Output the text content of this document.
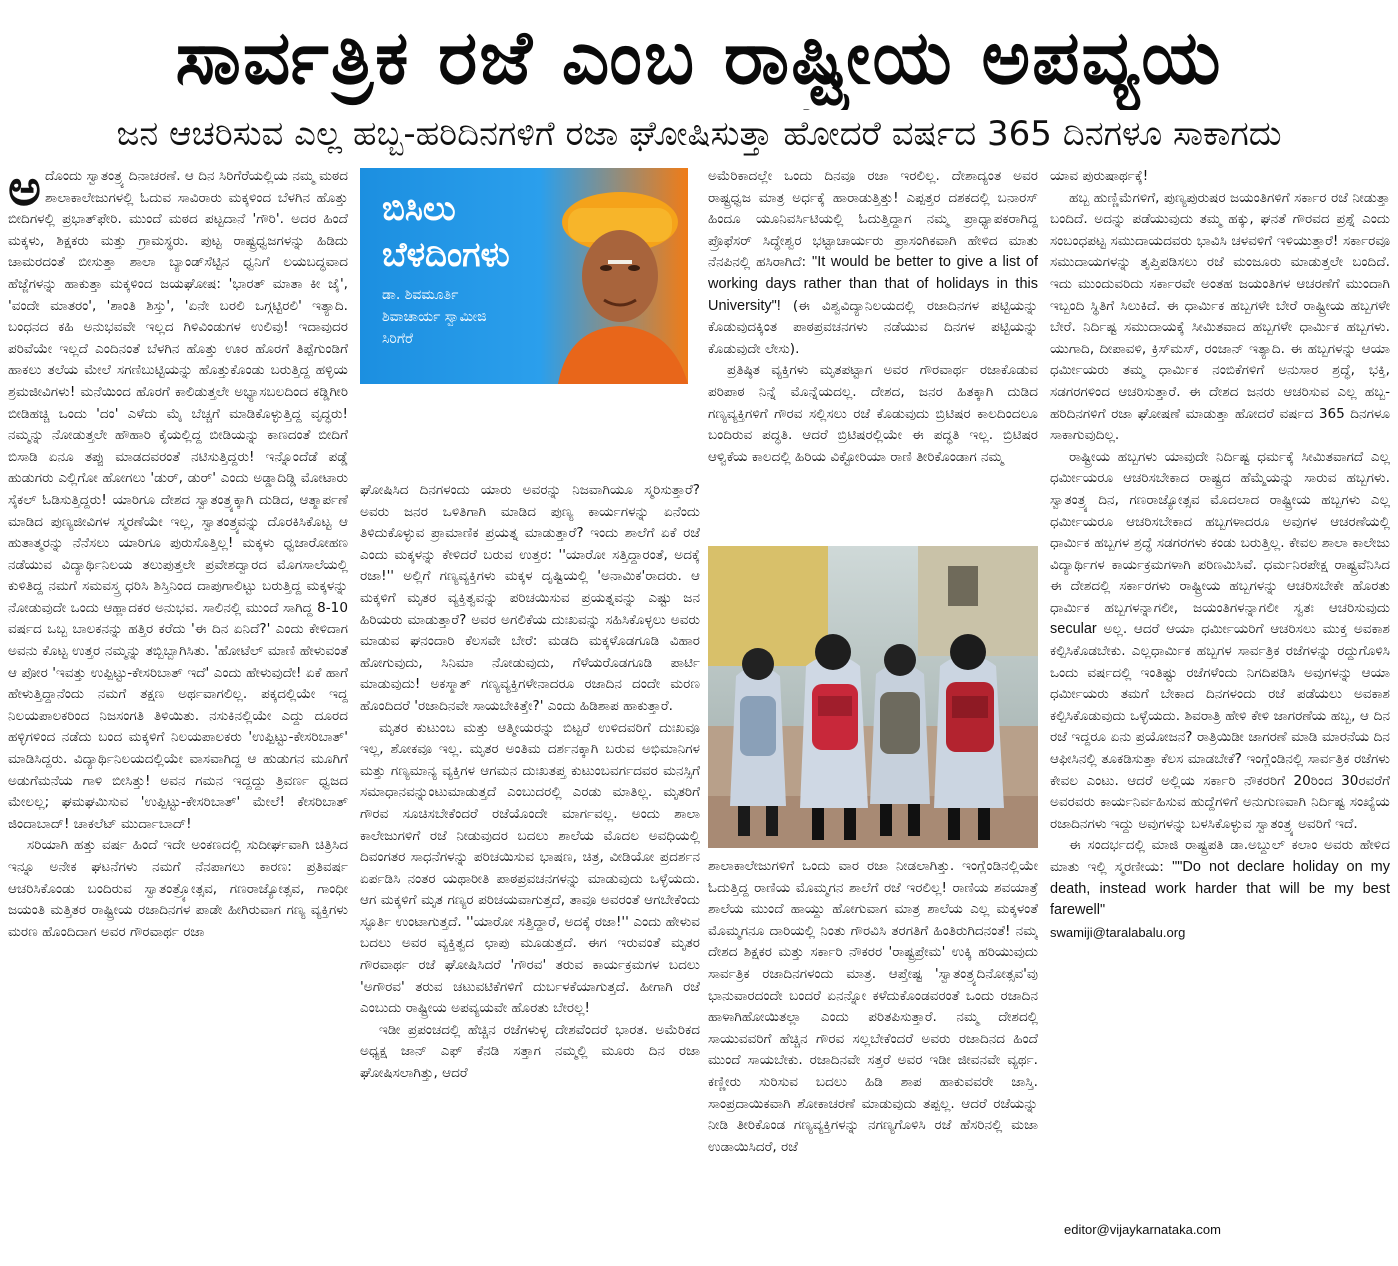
ಸಾರ್ವತ್ರಿಕ ರಜೆ ಎಂಬ ರಾಷ್ಟ್ರೀಯ ಅಪವ್ಯಯ
ಜನ ಆಚರಿಸುವ ಎಲ್ಲ ಹಬ್ಬ-ಹರಿದಿನಗಳಿಗೆ ರಜಾ ಘೋಷಿಸುತ್ತಾ ಹೋದರೆ ವರ್ಷದ 365 ದಿನಗಳೂ ಸಾಕಾಗದು

ಅದೊಂದು ಸ್ವಾತಂತ್ರ್ಯ ದಿನಾಚರಣೆ. ಆ ದಿನ ಸಿರಿಗೆರೆಯಲ್ಲಿಯ ನಮ್ಮ ಮಠದ ಶಾಲಾಕಾಲೇಜುಗಳಲ್ಲಿ ಓದುವ ಸಾವಿರಾರು ಮಕ್ಕಳಿಂದ ಬೆಳಗಿನ ಹೊತ್ತು ಬೀದಿಗಳಲ್ಲಿ ಪ್ರಭಾತ್‌ಫೇರಿ. ಮುಂದೆ ಮಠದ ಪಟ್ಟದಾನೆ 'ಗೌರಿ'. ಅದರ ಹಿಂದೆ ಮಕ್ಕಳು, ಶಿಕ್ಷಕರು ಮತ್ತು ಗ್ರಾಮಸ್ಥರು. ಪುಟ್ಟ ರಾಷ್ಟ್ರಧ್ವಜಗಳನ್ನು ಹಿಡಿದು ಚಾಮರದಂತೆ ಬೀಸುತ್ತಾ ಶಾಲಾ ಬ್ಯಾಂಡ್‌ಸೆಟ್ಟಿನ ಧ್ವನಿಗೆ ಲಯಬದ್ಧವಾದ ಹೆಜ್ಜೆಗಳನ್ನು ಹಾಕುತ್ತಾ ಮಕ್ಕಳಿಂದ ಜಯಘೋಷ: 'ಭಾರತ್ ಮಾತಾ ಕೀ ಜೈ', 'ವಂದೇ ಮಾತರಂ', 'ಶಾಂತಿ ಶಿಸ್ತು', 'ಏನೇ ಬರಲಿ ಒಗ್ಗಟ್ಟಿರಲಿ' ಇತ್ಯಾದಿ. ಬಂಧನದ ಕಹಿ ಅನುಭವವೇ ಇಲ್ಲದ ಗಿಳಿವಿಂಡುಗಳ ಉಲಿವು! ಇದಾವುದರ ಪರಿವೆಯೇ ಇಲ್ಲದೆ ಎಂದಿನಂತೆ ಬೆಳಗಿನ ಹೊತ್ತು ಊರ ಹೊರಗೆ ತಿಪ್ಪೆಗುಂಡಿಗೆ ಹಾಕಲು ತಲೆಯ ಮೇಲೆ ಸಗಣಿಬುಟ್ಟಿಯನ್ನು ಹೊತ್ತುಕೊಂಡು ಬರುತ್ತಿದ್ದ ಹಳ್ಳಿಯ ಶ್ರಮಜೀವಿಗಳು! ಮನೆಯಿಂದ ಹೊರಗೆ ಕಾಲಿಡುತ್ತಲೇ ಅಭ್ಯಾಸಬಲದಿಂದ ಕಡ್ಡಿಗೀರಿ ಬೀಡಿಹಚ್ಚಿ ಒಂದು 'ದಂ' ಎಳೆದು ಮೈ ಬೆಚ್ಚಗೆ ಮಾಡಿಕೊಳ್ಳುತ್ತಿದ್ದ ವೃದ್ಧರು! ನಮ್ಮನ್ನು ನೋಡುತ್ತಲೇ ಹೌಹಾರಿ ಕೈಯಲ್ಲಿದ್ದ ಬೀಡಿಯನ್ನು ಕಾಣದಂತೆ ಬೀದಿಗೆ ಬಿಸಾಡಿ ಏನೂ ತಪ್ಪು ಮಾಡದವರಂತೆ ನಟಿಸುತ್ತಿದ್ದರು! ಇನ್ನೊಂದೆಡೆ ಪಡ್ಡೆ ಹುಡುಗರು ಎಲ್ಲಿಗೋ ಹೋಗಲು 'ಡುರ್, ಡುರ್' ಎಂದು ಅಡ್ಡಾದಿಡ್ಡಿ ಮೋಟಾರು ಸೈಕಲ್ ಓಡಿಸುತ್ತಿದ್ದರು! ಯಾರಿಗೂ ದೇಶದ ಸ್ವಾತಂತ್ರ್ಯಕ್ಕಾಗಿ ದುಡಿದ, ಆತ್ಮಾರ್ಪಣೆ ಮಾಡಿದ ಪುಣ್ಯಜೀವಿಗಳ ಸ್ಮರಣೆಯೇ ಇಲ್ಲ, ಸ್ವಾತಂತ್ರ್ಯವನ್ನು ದೊರಕಿಸಿಕೊಟ್ಟ ಆ ಹುತಾತ್ಮರನ್ನು ನೆನೆಸಲು ಯಾರಿಗೂ ಪುರುಸೊತ್ತಿಲ್ಲ! ಮಕ್ಕಳು ಧ್ವಜಾರೋಹಣ ನಡೆಯುವ ವಿದ್ಯಾರ್ಥಿನಿಲಯ ತಲುಪುತ್ತಲೇ ಪ್ರವೇಶದ್ವಾರದ ಮೊಗಸಾಲೆಯಲ್ಲಿ ಕುಳಿತಿದ್ದ ನಮಗೆ ಸಮವಸ್ತ್ರ ಧರಿಸಿ ಶಿಸ್ತಿನಿಂದ ದಾಪುಗಾಲಿಟ್ಟು ಬರುತ್ತಿದ್ದ ಮಕ್ಕಳನ್ನು ನೋಡುವುದೇ ಒಂದು ಆಹ್ಲಾದಕರ ಅನುಭವ. ಸಾಲಿನಲ್ಲಿ ಮುಂದೆ ಸಾಗಿದ್ದ 8-10 ವರ್ಷದ ಒಬ್ಬ ಬಾಲಕನನ್ನು ಹತ್ತಿರ ಕರೆದು 'ಈ ದಿನ ಏನಿದೆ?' ಎಂದು ಕೇಳಿದಾಗ ಅವನು ಕೊಟ್ಟ ಉತ್ತರ ನಮ್ಮನ್ನು ತಬ್ಬಿಬ್ಬಾಗಿಸಿತು. 'ಹೋಟೆಲ್ ಮಾಣಿ ಹೇಳುವಂತೆ ಆ ಪೋರ 'ಇವತ್ತು ಉಪ್ಪಿಟ್ಟು-ಕೇಸರಿಬಾತ್ ಇದೆ' ಎಂದು ಹೇಳುವುದೇ! ಏಕೆ ಹಾಗೆ ಹೇಳುತ್ತಿದ್ದಾನೆಂದು ನಮಗೆ ತಕ್ಷಣ ಅರ್ಥವಾಗಲಿಲ್ಲ. ಪಕ್ಕದಲ್ಲಿಯೇ ಇದ್ದ ನಿಲಯಪಾಲಕರಿಂದ ನಿಜಸಂಗತಿ ತಿಳಿಯಿತು. ನಸುಕಿನಲ್ಲಿಯೇ ಎದ್ದು ದೂರದ ಹಳ್ಳಿಗಳಿಂದ ನಡೆದು ಬಂದ ಮಕ್ಕಳಿಗೆ ನಿಲಯಪಾಲಕರು 'ಉಪ್ಪಿಟ್ಟು-ಕೇಸರಿಬಾತ್' ಮಾಡಿಸಿದ್ದರು. ವಿದ್ಯಾರ್ಥಿನಿಲಯದಲ್ಲಿಯೇ ವಾಸವಾಗಿದ್ದ ಆ ಹುಡುಗನ ಮೂಗಿಗೆ ಅಡುಗೆಮನೆಯ ಗಾಳಿ ಬೀಸಿತ್ತು! ಅವನ ಗಮನ ಇದ್ದದ್ದು ತ್ರಿವರ್ಣ ಧ್ವಜದ ಮೇಲಲ್ಲ; ಘಮಘಮಿಸುವ 'ಉಪ್ಪಿಟ್ಟು-ಕೇಸರಿಬಾತ್' ಮೇಲೆ! ಕೇಸರಿಬಾತ್ ಜಿಂದಾಬಾದ್! ಚಾಕಲೆಟ್ ಮುರ್ದಾಬಾದ್!

ಸರಿಯಾಗಿ ಹತ್ತು ವರ್ಷ ಹಿಂದೆ ಇದೇ ಅಂಕಣದಲ್ಲಿ ಸುದೀರ್ಘವಾಗಿ ಚಿತ್ರಿಸಿದ ಇನ್ನೂ ಅನೇಕ ಘಟನೆಗಳು ನಮಗೆ ನೆನಪಾಗಲು ಕಾರಣ: ಪ್ರತಿವರ್ಷ ಆಚರಿಸಿಕೊಂಡು ಬಂದಿರುವ ಸ್ವಾತಂತ್ರ್ಯೋತ್ಸವ, ಗಣರಾಜ್ಯೋತ್ಸವ, ಗಾಂಧೀ ಜಯಂತಿ ಮತ್ತಿತರ ರಾಷ್ಟ್ರೀಯ ರಜಾದಿನಗಳ ಪಾಡೇ ಹೀಗಿರುವಾಗ ಗಣ್ಯ ವ್ಯಕ್ತಿಗಳು ಮರಣ ಹೊಂದಿದಾಗ ಅವರ ಗೌರವಾರ್ಥ ರಜಾ

ಬಿಸಿಲು
ಬೆಳದಿಂಗಳು
ಡಾ. ಶಿವಮೂರ್ತಿ
ಶಿವಾಚಾರ್ಯ ಸ್ವಾಮೀಜಿ
ಸಿರಿಗೆರೆ

ಘೋಷಿಸಿದ ದಿನಗಳಂದು ಯಾರು ಅವರನ್ನು ನಿಜವಾಗಿಯೂ ಸ್ಮರಿಸುತ್ತಾರೆ? ಅವರು ಜನರ ಒಳಿತಿಗಾಗಿ ಮಾಡಿದ ಪುಣ್ಯ ಕಾರ್ಯಗಳನ್ನು ಏನೆಂದು ತಿಳಿದುಕೊಳ್ಳುವ ಪ್ರಾಮಾಣಿಕ ಪ್ರಯತ್ನ ಮಾಡುತ್ತಾರೆ? ಇಂದು ಶಾಲೆಗೆ ಏಕೆ ರಜೆ ಎಂದು ಮಕ್ಕಳನ್ನು ಕೇಳಿದರೆ ಬರುವ ಉತ್ತರ: ''ಯಾರೋ ಸತ್ತಿದ್ದಾರಂತೆ, ಅದಕ್ಕೆ ರಜಾ!'' ಅಲ್ಲಿಗೆ ಗಣ್ಯವ್ಯಕ್ತಿಗಳು ಮಕ್ಕಳ ದೃಷ್ಟಿಯಲ್ಲಿ 'ಅನಾಮಿಕ'ರಾದರು. ಆ ಮಕ್ಕಳಿಗೆ ಮೃತರ ವ್ಯಕ್ತಿತ್ವವನ್ನು ಪರಿಚಯಿಸುವ ಪ್ರಯತ್ನವನ್ನು ಎಷ್ಟು ಜನ ಹಿರಿಯರು ಮಾಡುತ್ತಾರೆ? ಅವರ ಅಗಲಿಕೆಯ ದುಃಖವನ್ನು ಸಹಿಸಿಕೊಳ್ಳಲು ಅವರು ಮಾಡುವ ಘನಂದಾರಿ ಕೆಲಸವೇ ಬೇರೆ: ಮಡದಿ ಮಕ್ಕಳೊಡಗೂಡಿ ವಿಹಾರ ಹೋಗುವುದು, ಸಿನಿಮಾ ನೋಡುವುದು, ಗೆಳೆಯರೊಡಗೂಡಿ ಪಾರ್ಟಿ ಮಾಡುವುದು! ಅಕಸ್ಮಾತ್ ಗಣ್ಯವ್ಯಕ್ತಿಗಳೇನಾದರೂ ರಜಾದಿನ ದಂದೇ ಮರಣ ಹೊಂದಿದರೆ 'ರಜಾದಿನವೇ ಸಾಯಬೇಕಿತ್ತೇ?' ಎಂದು ಹಿಡಿಶಾಪ ಹಾಕುತ್ತಾರೆ.

ಮೃತರ ಕುಟುಂಬ ಮತ್ತು ಆತ್ಮೀಯರನ್ನು ಬಿಟ್ಟರೆ ಉಳಿದವರಿಗೆ ದುಃಖವೂ ಇಲ್ಲ, ಶೋಕವೂ ಇಲ್ಲ. ಮೃತರ ಅಂತಿಮ ದರ್ಶನಕ್ಕಾಗಿ ಬರುವ ಅಭಿಮಾನಿಗಳ ಮತ್ತು ಗಣ್ಯಮಾನ್ಯ ವ್ಯಕ್ತಿಗಳ ಆಗಮನ ದುಃಖತಪ್ತ ಕುಟುಂಬವರ್ಗದವರ ಮನಸ್ಸಿಗೆ ಸಮಾಧಾನವನ್ನುಂಟುಮಾಡುತ್ತದೆ ಎಂಬುದರಲ್ಲಿ ಎರಡು ಮಾತಿಲ್ಲ. ಮೃತರಿಗೆ ಗೌರವ ಸೂಚಿಸಬೇಕೆಂದರೆ ರಜೆಯೊಂದೇ ಮಾರ್ಗವಲ್ಲ. ಅಂದು ಶಾಲಾ ಕಾಲೇಜುಗಳಿಗೆ ರಜೆ ನೀಡುವುದರ ಬದಲು ಶಾಲೆಯ ಮೊದಲ ಅವಧಿಯಲ್ಲಿ ದಿವಂಗತರ ಸಾಧನೆಗಳನ್ನು ಪರಿಚಯಿಸುವ ಭಾಷಣ, ಚಿತ್ರ, ವೀಡಿಯೋ ಪ್ರದರ್ಶನ ಏರ್ಪಡಿಸಿ ನಂತರ ಯಥಾರೀತಿ ಪಾಠಪ್ರವಚನಗಳನ್ನು ಮಾಡುವುದು ಒಳ್ಳೆಯದು. ಆಗ ಮಕ್ಕಳಿಗೆ ಮೃತ ಗಣ್ಯರ ಪರಿಚಯವಾಗುತ್ತದೆ, ತಾವೂ ಅವರಂತೆ ಆಗಬೇಕೆಂದು ಸ್ಫೂರ್ತಿ ಉಂಟಾಗುತ್ತದೆ. ''ಯಾರೋ ಸತ್ತಿದ್ದಾರೆ, ಅದಕ್ಕೆ ರಜಾ!'' ಎಂದು ಹೇಳುವ ಬದಲು ಅವರ ವ್ಯಕ್ತಿತ್ವದ ಛಾಪು ಮೂಡುತ್ತದೆ. ಈಗ ಇರುವಂತೆ ಮೃತರ ಗೌರವಾರ್ಥ ರಜೆ ಘೋಷಿಸಿದರೆ 'ಗೌರವ' ತರುವ ಕಾರ್ಯಕ್ರಮಗಳ ಬದಲು 'ಅಗೌರವ' ತರುವ ಚಟುವಟಿಕೆಗಳಿಗೆ ದುರ್ಬಳಕೆಯಾಗುತ್ತದೆ. ಹೀಗಾಗಿ ರಜೆ ಎಂಬುದು ರಾಷ್ಟ್ರೀಯ ಅಪವ್ಯಯವೇ ಹೊರತು ಬೇರಲ್ಲ!

ಇಡೀ ಪ್ರಪಂಚದಲ್ಲಿ ಹೆಚ್ಚಿನ ರಜೆಗಳುಳ್ಳ ದೇಶವೆಂದರೆ ಭಾರತ. ಅಮೆರಿಕದ ಅಧ್ಯಕ್ಷ ಜಾನ್ ಎಫ್ ಕೆನಡಿ ಸತ್ತಾಗ ನಮ್ಮಲ್ಲಿ ಮೂರು ದಿನ ರಜಾ ಘೋಷಿಸಲಾಗಿತ್ತು, ಆದರೆ

ಅಮೆರಿಕಾದಲ್ಲೇ ಒಂದು ದಿನವೂ ರಜಾ ಇರಲಿಲ್ಲ. ದೇಶಾದ್ಯಂತ ಅವರ ರಾಷ್ಟ್ರಧ್ವಜ ಮಾತ್ರ ಅರ್ಧಕ್ಕೆ ಹಾರಾಡುತ್ತಿತ್ತು! ಎಪ್ಪತ್ತರ ದಶಕದಲ್ಲಿ ಬನಾರಸ್ ಹಿಂದೂ ಯೂನಿವರ್ಸಿಟಿಯಲ್ಲಿ ಓದುತ್ತಿದ್ದಾಗ ನಮ್ಮ ಪ್ರಾಧ್ಯಾಪಕರಾಗಿದ್ದ ಪ್ರೊಫೆಸರ್ ಸಿದ್ಧೇಶ್ವರ ಭಟ್ಟಾಚಾರ್ಯರು ಪ್ರಾಸಂಗಿಕವಾಗಿ ಹೇಳಿದ ಮಾತು ನೆನಪಿನಲ್ಲಿ ಹಸಿರಾಗಿದೆ: "It would be better to give a list of working days rather than that of holidays in this University"! (ಈ ವಿಶ್ವವಿದ್ಯಾನಿಲಯದಲ್ಲಿ ರಜಾದಿನಗಳ ಪಟ್ಟಿಯನ್ನು ಕೊಡುವುದಕ್ಕಿಂತ ಪಾಠಪ್ರವಚನಗಳು ನಡೆಯುವ ದಿನಗಳ ಪಟ್ಟಿಯನ್ನು ಕೊಡುವುದೇ ಲೇಸು).

ಪ್ರತಿಷ್ಠಿತ ವ್ಯಕ್ತಿಗಳು ಮೃತಪಟ್ಟಾಗ ಅವರ ಗೌರವಾರ್ಥ ರಜಾಕೊಡುವ ಪರಿಪಾಠ ನಿನ್ನೆ ಮೊನ್ನೆಯದಲ್ಲ. ದೇಶದ, ಜನರ ಹಿತಕ್ಕಾಗಿ ದುಡಿದ ಗಣ್ಯವ್ಯಕ್ತಿಗಳಿಗೆ ಗೌರವ ಸಲ್ಲಿಸಲು ರಜೆ ಕೊಡುವುದು ಬ್ರಿಟಿಷರ ಕಾಲದಿಂದಲೂ ಬಂದಿರುವ ಪದ್ಧತಿ. ಆದರೆ ಬ್ರಿಟಿಷರಲ್ಲಿಯೇ ಈ ಪದ್ಧತಿ ಇಲ್ಲ. ಬ್ರಿಟಿಷರ ಆಳ್ವಿಕೆಯ ಕಾಲದಲ್ಲಿ ಹಿರಿಯ ವಿಕ್ಟೋರಿಯಾ ರಾಣಿ ತೀರಿಕೊಂಡಾಗ ನಮ್ಮ

ಶಾಲಾಕಾಲೇಜುಗಳಿಗೆ ಒಂದು ವಾರ ರಜಾ ನೀಡಲಾಗಿತ್ತು. ಇಂಗ್ಲೆಂಡಿನಲ್ಲಿಯೇ ಓದುತ್ತಿದ್ದ ರಾಣಿಯ ಮೊಮ್ಮಗನ ಶಾಲೆಗೆ ರಜೆ ಇರಲಿಲ್ಲ! ರಾಣಿಯ ಶವಯಾತ್ರೆ ಶಾಲೆಯ ಮುಂದೆ ಹಾಯ್ದು ಹೋಗುವಾಗ ಮಾತ್ರ ಶಾಲೆಯ ಎಲ್ಲ ಮಕ್ಕಳಂತೆ ಮೊಮ್ಮಗನೂ ದಾರಿಯಲ್ಲಿ ನಿಂತು ಗೌರವಿಸಿ ತರಗತಿಗೆ ಹಿಂತಿರುಗಿದನಂತೆ! ನಮ್ಮ ದೇಶದ ಶಿಕ್ಷಕರ ಮತ್ತು ಸರ್ಕಾರಿ ನೌಕರರ 'ರಾಷ್ಟ್ರಪ್ರೇಮ' ಉಕ್ಕಿ ಹರಿಯುವುದು ಸಾರ್ವತ್ರಿಕ ರಜಾದಿನಗಳಂದು ಮಾತ್ರ. ಆಪ್ತೇಷ್ಟ 'ಸ್ವಾತಂತ್ರ್ಯದಿನೋತ್ಸವ'ವು ಭಾನುವಾರದಂದೇ ಬಂದರೆ ಏನನ್ನೋ ಕಳೆದುಕೊಂಡವರಂತೆ ಒಂದು ರಜಾದಿನ ಹಾಳಾಗಿಹೋಯಿತಲ್ಲಾ ಎಂದು ಪರಿತಪಿಸುತ್ತಾರೆ. ನಮ್ಮ ದೇಶದಲ್ಲಿ ಸಾಯುವವರಿಗೆ ಹೆಚ್ಚಿನ ಗೌರವ ಸಲ್ಲಬೇಕೆಂದರೆ ಅವರು ರಜಾದಿನದ ಹಿಂದೆ ಮುಂದೆ ಸಾಯಬೇಕು. ರಜಾದಿನವೇ ಸತ್ತರೆ ಅವರ ಇಡೀ ಜೀವನವೇ ವ್ಯರ್ಥ. ಕಣ್ಣೀರು ಸುರಿಸುವ ಬದಲು ಹಿಡಿ ಶಾಪ ಹಾಕುವವರೇ ಜಾಸ್ತಿ. ಸಾಂಪ್ರದಾಯಿಕವಾಗಿ ಶೋಕಾಚರಣೆ ಮಾಡುವುದು ತಪ್ಪಲ್ಲ. ಆದರೆ ರಜೆಯನ್ನು ನೀಡಿ ತೀರಿಕೊಂಡ ಗಣ್ಯವ್ಯಕ್ತಿಗಳನ್ನು ನಗಣ್ಯಗೊಳಿಸಿ ರಜೆ ಹೆಸರಿನಲ್ಲಿ ಮಜಾ ಉಡಾಯಿಸಿದರೆ, ರಜೆ

ಯಾವ ಪುರುಷಾರ್ಥಕ್ಕೆ!

ಹಬ್ಬ ಹುಣ್ಣಿಮೆಗಳಿಗೆ, ಪುಣ್ಯಪುರುಷರ ಜಯಂತಿಗಳಿಗೆ ಸರ್ಕಾರ ರಜೆ ನೀಡುತ್ತಾ ಬಂದಿದೆ. ಅದನ್ನು ಪಡೆಯುವುದು ತಮ್ಮ ಹಕ್ಕು, ಘನತೆ ಗೌರವದ ಪ್ರಶ್ನೆ ಎಂದು ಸಂಬಂಧಪಟ್ಟ ಸಮುದಾಯದವರು ಭಾವಿಸಿ ಚಳವಳಿಗೆ ಇಳಿಯುತ್ತಾರೆ! ಸರ್ಕಾರವೂ ಸಮುದಾಯಗಳನ್ನು ತೃಪ್ತಿಪಡಿಸಲು ರಜೆ ಮಂಜೂರು ಮಾಡುತ್ತಲೇ ಬಂದಿದೆ. ಇದು ಮುಂದುವರಿದು ಸರ್ಕಾರವೇ ಅಂತಹ ಜಯಂತಿಗಳ ಆಚರಣೆಗೆ ಮುಂದಾಗಿ ಇಬ್ಬಂದಿ ಸ್ಥಿತಿಗೆ ಸಿಲುಕಿದೆ. ಈ ಧಾರ್ಮಿಕ ಹಬ್ಬಗಳೇ ಬೇರೆ ರಾಷ್ಟ್ರೀಯ ಹಬ್ಬಗಳೇ ಬೇರೆ. ನಿರ್ದಿಷ್ಟ ಸಮುದಾಯಕ್ಕೆ ಸೀಮಿತವಾದ ಹಬ್ಬಗಳೇ ಧಾರ್ಮಿಕ ಹಬ್ಬಗಳು. ಯುಗಾದಿ, ದೀಪಾವಳಿ, ಕ್ರಿಸ್‌ಮಸ್, ರಂಜಾನ್ ಇತ್ಯಾದಿ. ಈ ಹಬ್ಬಗಳನ್ನು ಆಯಾ ಧರ್ಮೀಯರು ತಮ್ಮ ಧಾರ್ಮಿಕ ನಂಬಿಕೆಗಳಿಗೆ ಅನುಸಾರ ಶ್ರದ್ಧೆ, ಭಕ್ತಿ, ಸಡಗರಗಳಿಂದ ಆಚರಿಸುತ್ತಾರೆ. ಈ ದೇಶದ ಜನರು ಆಚರಿಸುವ ಎಲ್ಲ ಹಬ್ಬ-ಹರಿದಿನಗಳಿಗೆ ರಜಾ ಘೋಷಣೆ ಮಾಡುತ್ತಾ ಹೋದರೆ ವರ್ಷದ 365 ದಿನಗಳೂ ಸಾಕಾಗುವುದಿಲ್ಲ.

ರಾಷ್ಟ್ರೀಯ ಹಬ್ಬಗಳು ಯಾವುದೇ ನಿರ್ದಿಷ್ಟ ಧರ್ಮಕ್ಕೆ ಸೀಮಿತವಾಗದೆ ಎಲ್ಲ ಧರ್ಮೀಯರೂ ಆಚರಿಸಬೇಕಾದ ರಾಷ್ಟ್ರದ ಹೆಮ್ಮೆಯನ್ನು ಸಾರುವ ಹಬ್ಬಗಳು. ಸ್ವಾತಂತ್ರ್ಯ ದಿನ, ಗಣರಾಜ್ಯೋತ್ಸವ ಮೊದಲಾದ ರಾಷ್ಟ್ರೀಯ ಹಬ್ಬಗಳು ಎಲ್ಲ ಧರ್ಮೀಯರೂ ಆಚರಿಸಬೇಕಾದ ಹಬ್ಬಗಳಾದರೂ ಅವುಗಳ ಆಚರಣೆಯಲ್ಲಿ ಧಾರ್ಮಿಕ ಹಬ್ಬಗಳ ಶ್ರದ್ಧೆ ಸಡಗರಗಳು ಕಂಡು ಬರುತ್ತಿಲ್ಲ. ಕೇವಲ ಶಾಲಾ ಕಾಲೇಜು ವಿದ್ಯಾರ್ಥಿಗಳ ಕಾರ್ಯಕ್ರಮಗಳಾಗಿ ಪರಿಣಮಿಸಿವೆ. ಧರ್ಮನಿರಪೇಕ್ಷ ರಾಷ್ಟ್ರವೆನಿಸಿದ ಈ ದೇಶದಲ್ಲಿ ಸರ್ಕಾರಗಳು ರಾಷ್ಟ್ರೀಯ ಹಬ್ಬಗಳನ್ನು ಆಚರಿಸಬೇಕೇ ಹೊರತು ಧಾರ್ಮಿಕ ಹಬ್ಬಗಳನ್ನಾಗಲೀ, ಜಯಂತಿಗಳನ್ನಾಗಲೀ ಸ್ವತಃ ಆಚರಿಸುವುದು secular ಅಲ್ಲ. ಆದರೆ ಆಯಾ ಧರ್ಮೀಯರಿಗೆ ಆಚರಿಸಲು ಮುಕ್ತ ಅವಕಾಶ ಕಲ್ಪಿಸಿಕೊಡಬೇಕು. ಎಲ್ಲಧಾರ್ಮಿಕ ಹಬ್ಬಗಳ ಸಾರ್ವತ್ರಿಕ ರಜೆಗಳನ್ನು ರದ್ದುಗೊಳಿಸಿ ಒಂದು ವರ್ಷದಲ್ಲಿ ಇಂತಿಷ್ಟು ರಜೆಗಳೆಂದು ನಿಗದಿಪಡಿಸಿ ಅವುಗಳನ್ನು ಆಯಾ ಧರ್ಮೀಯರು ತಮಗೆ ಬೇಕಾದ ದಿನಗಳಂದು ರಜೆ ಪಡೆಯಲು ಅವಕಾಶ ಕಲ್ಪಿಸಿಕೊಡುವುದು ಒಳ್ಳೆಯದು. ಶಿವರಾತ್ರಿ ಹೇಳಿ ಕೇಳಿ ಜಾಗರಣೆಯ ಹಬ್ಬ, ಆ ದಿನ ರಜೆ ಇದ್ದರೂ ಏನು ಪ್ರಯೋಜನ? ರಾತ್ರಿಯಿಡೀ ಜಾಗರಣೆ ಮಾಡಿ ಮಾರನೆಯ ದಿನ ಆಫೀಸಿನಲ್ಲಿ ತೂಕಡಿಸುತ್ತಾ ಕೆಲಸ ಮಾಡಬೇಕೆ? ಇಂಗ್ಲೆಂಡಿನಲ್ಲಿ ಸಾರ್ವತ್ರಿಕ ರಜೆಗಳು ಕೇವಲ ಎಂಟು. ಆದರೆ ಅಲ್ಲಿಯ ಸರ್ಕಾರಿ ನೌಕರರಿಗೆ 20ರಿಂದ 30ರವರೆಗೆ ಅವರವರು ಕಾರ್ಯನಿರ್ವಹಿಸುವ ಹುದ್ದೆಗಳಿಗೆ ಅನುಗುಣವಾಗಿ ನಿರ್ದಿಷ್ಟ ಸಂಖ್ಯೆಯ ರಜಾದಿನಗಳು ಇದ್ದು ಅವುಗಳನ್ನು ಬಳಸಿಕೊಳ್ಳುವ ಸ್ವಾತಂತ್ರ್ಯ ಅವರಿಗೆ ಇದೆ.

ಈ ಸಂದರ್ಭದಲ್ಲಿ ಮಾಜಿ ರಾಷ್ಟ್ರಪತಿ ಡಾ.ಅಬ್ದುಲ್ ಕಲಾಂ ಅವರು ಹೇಳಿದ ಮಾತು ಇಲ್ಲಿ ಸ್ಮರಣೀಯ: ""Do not declare holiday on my death, instead work harder that will be my best farewell"

swamiji@taralabalu.org

editor@vijaykarnataka.com
